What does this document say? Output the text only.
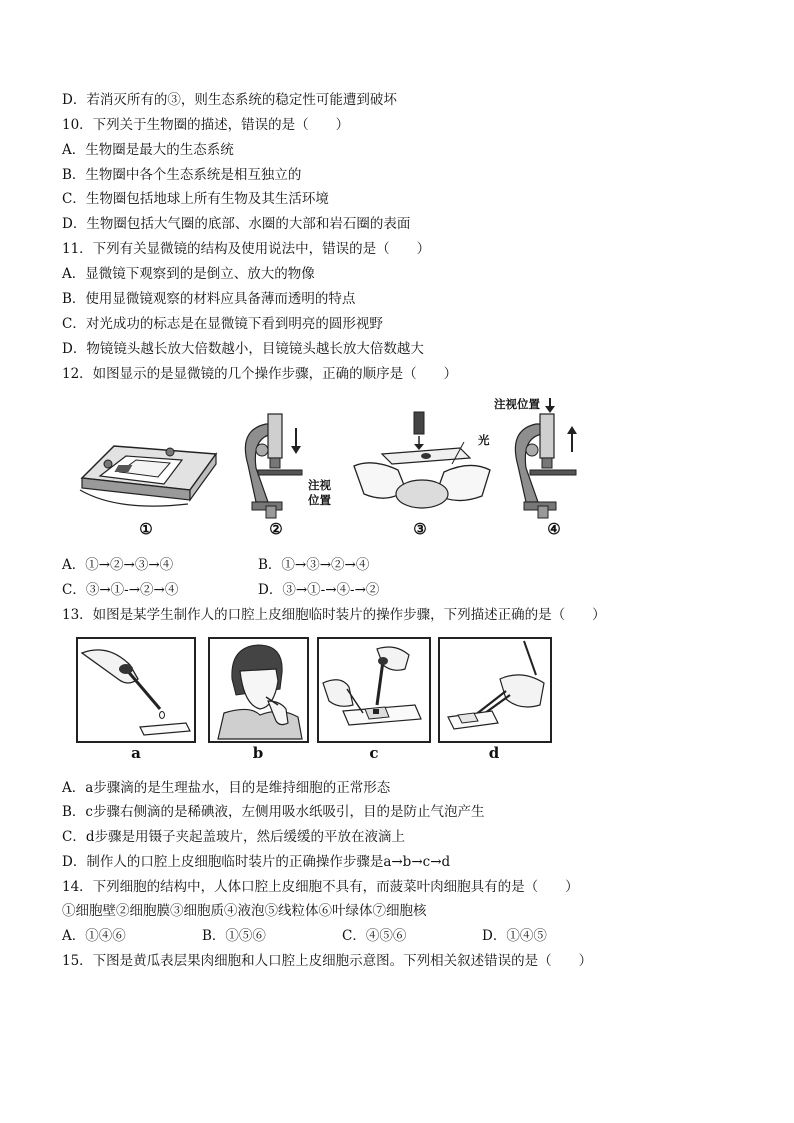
D．若消灭所有的③，则生态系统的稳定性可能遭到破坏
10．下列关于生物圈的描述，错误的是（　　）
A．生物圈是最大的生态系统
B．生物圈中各个生态系统是相互独立的
C．生物圈包括地球上所有生物及其生活环境
D．生物圈包括大气圈的底部、水圈的大部和岩石圈的表面
11．下列有关显微镜的结构及使用说法中，错误的是（　　）
A．显微镜下观察到的是倒立、放大的物像
B．使用显微镜观察的材料应具备薄而透明的特点
C．对光成功的标志是在显微镜下看到明亮的圆形视野
D．物镜镜头越长放大倍数越小，目镜镜头越长放大倍数越大
12．如图显示的是显微镜的几个操作步骤，正确的顺序是（　　）
①
注视
位置
②
光
③
注视位置
④
A．①→②→③→④	B．①→③→②→④
C．③→①-→②→④	D．③→①-→④-→②
13．如图是某学生制作人的口腔上皮细胞临时装片的操作步骤，下列描述正确的是（　　）
a	b	c	d
A．a步骤滴的是生理盐水，目的是维持细胞的正常形态
B．c步骤右侧滴的是稀碘液，左侧用吸水纸吸引，目的是防止气泡产生
C．d步骤是用镊子夹起盖玻片，然后缓缓的平放在液滴上
D．制作人的口腔上皮细胞临时装片的正确操作步骤是a→b→c→d
14．下列细胞的结构中，人体口腔上皮细胞不具有，而菠菜叶肉细胞具有的是（　　）
①细胞壁②细胞膜③细胞质④液泡⑤线粒体⑥叶绿体⑦细胞核
A．①④⑥	B．①⑤⑥	C．④⑤⑥	D．①④⑤
15．下图是黄瓜表层果肉细胞和人口腔上皮细胞示意图。下列相关叙述错误的是（　　）
